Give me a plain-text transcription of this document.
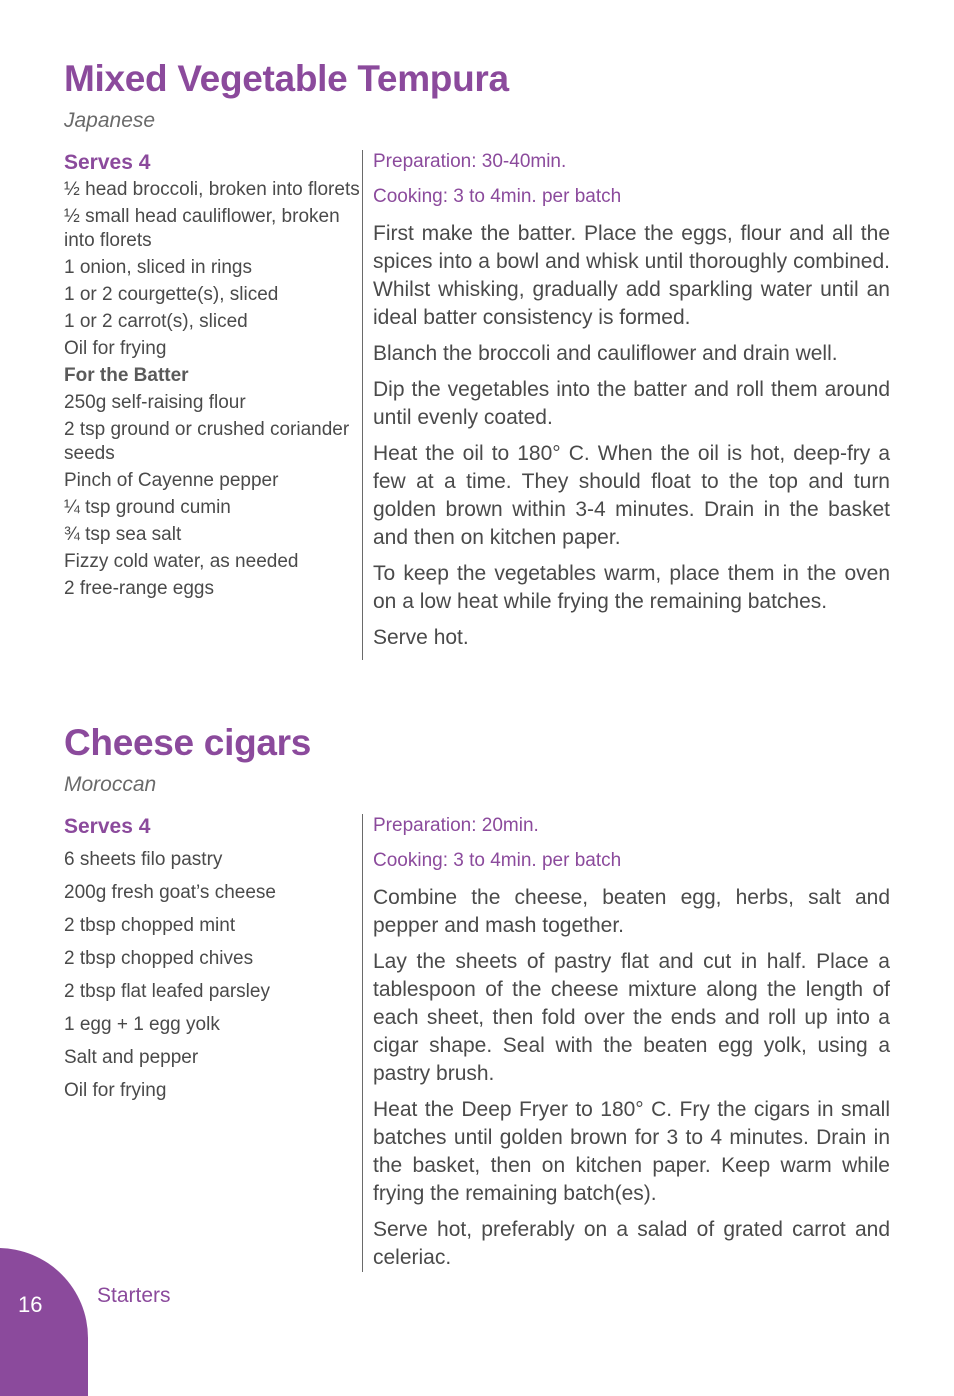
Mixed Vegetable Tempura
Japanese
Serves 4
½ head broccoli, broken into florets
½ small head cauliflower, broken into florets
1 onion, sliced in rings
1 or 2 courgette(s), sliced
1 or 2 carrot(s), sliced
Oil for frying
For the Batter
250g self-raising flour
2 tsp ground or crushed coriander seeds
Pinch of Cayenne pepper
¼ tsp ground cumin
¾ tsp sea salt
Fizzy cold water, as needed
2 free-range eggs
Preparation: 30-40min.
Cooking: 3 to 4min. per batch

First make the batter. Place the eggs, flour and all the spices into a bowl and whisk until thoroughly combined. Whilst whisking, gradually add sparkling water until an ideal batter consistency is formed.

Blanch the broccoli and cauliflower and drain well.

Dip the vegetables into the batter and roll them around until evenly coated.

Heat the oil to 180° C. When the oil is hot, deep-fry a few at a time. They should float to the top and turn golden brown within 3-4 minutes. Drain in the basket and then on kitchen paper.

To keep the vegetables warm, place them in the oven on a low heat while frying the remaining batches.

Serve hot.

Cheese cigars
Moroccan
Serves 4
6 sheets filo pastry
200g fresh goat’s cheese
2 tbsp chopped mint
2 tbsp chopped chives
2 tbsp flat leafed parsley
1 egg + 1 egg yolk
Salt and pepper
Oil for frying
Preparation: 20min.
Cooking: 3 to 4min. per batch

Combine the cheese, beaten egg, herbs, salt and pepper and mash together.

Lay the sheets of pastry flat and cut in half. Place a tablespoon of the cheese mixture along the length of each sheet, then fold over the ends and roll up into a cigar shape. Seal with the beaten egg yolk, using a pastry brush.

Heat the Deep Fryer to 180° C. Fry the cigars in small batches until golden brown for 3 to 4 minutes. Drain in the basket, then on kitchen paper. Keep warm while frying the remaining batch(es).

Serve hot, preferably on a salad of grated carrot and celeriac.

16	Starters
